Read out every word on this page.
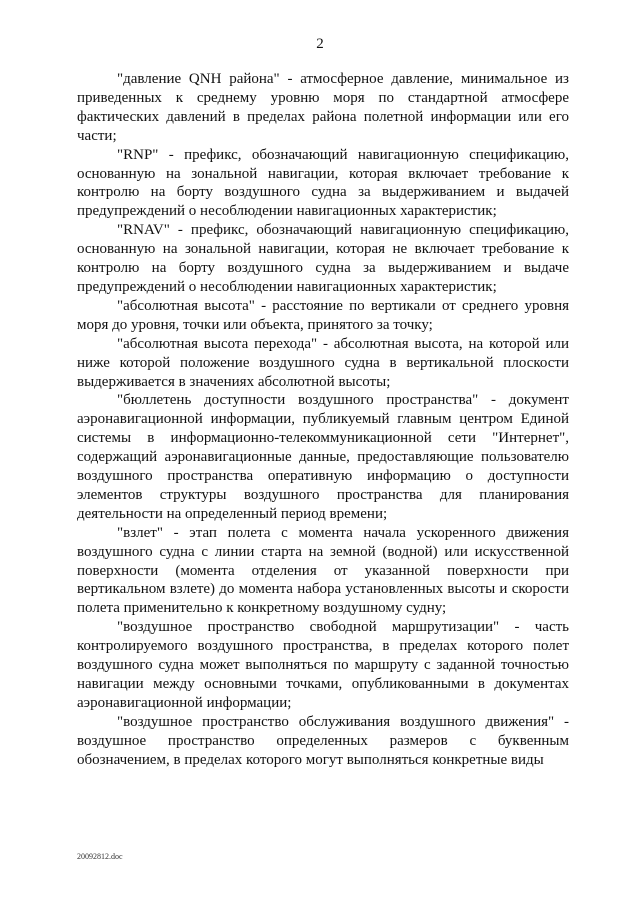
2

"давление QNH района" - атмосферное давление, минимальное из приведенных к среднему уровню моря по стандартной атмосфере фактических давлений в пределах района полетной информации или его части;

"RNP" - префикс, обозначающий навигационную спецификацию, основанную на зональной навигации, которая включает требование к контролю на борту воздушного судна за выдерживанием и выдачей предупреждений о несоблюдении навигационных характеристик;

"RNAV" - префикс, обозначающий навигационную спецификацию, основанную на зональной навигации, которая не включает требование к контролю на борту воздушного судна за выдерживанием и выдаче предупреждений о несоблюдении навигационных характеристик;

"абсолютная высота" - расстояние по вертикали от среднего уровня моря до уровня, точки или объекта, принятого за точку;

"абсолютная высота перехода" - абсолютная высота, на которой или ниже которой положение воздушного судна в вертикальной плоскости выдерживается в значениях абсолютной высоты;

"бюллетень доступности воздушного пространства" - документ аэронавигационной информации, публикуемый главным центром Единой системы в информационно-телекоммуникационной сети "Интернет", содержащий аэронавигационные данные, предоставляющие пользователю воздушного пространства оперативную информацию о доступности элементов структуры воздушного пространства для планирования деятельности на определенный период времени;

"взлет" - этап полета с момента начала ускоренного движения воздушного судна с линии старта на земной (водной) или искусственной поверхности (момента отделения от указанной поверхности при вертикальном взлете) до момента набора установленных высоты и скорости полета применительно к конкретному воздушному судну;

"воздушное пространство свободной маршрутизации" - часть контролируемого воздушного пространства, в пределах которого полет воздушного судна может выполняться по маршруту с заданной точностью навигации между основными точками, опубликованными в документах аэронавигационной информации;

"воздушное пространство обслуживания воздушного движения" - воздушное пространство определенных размеров с буквенным обозначением, в пределах которого могут выполняться конкретные виды

20092812.doc
